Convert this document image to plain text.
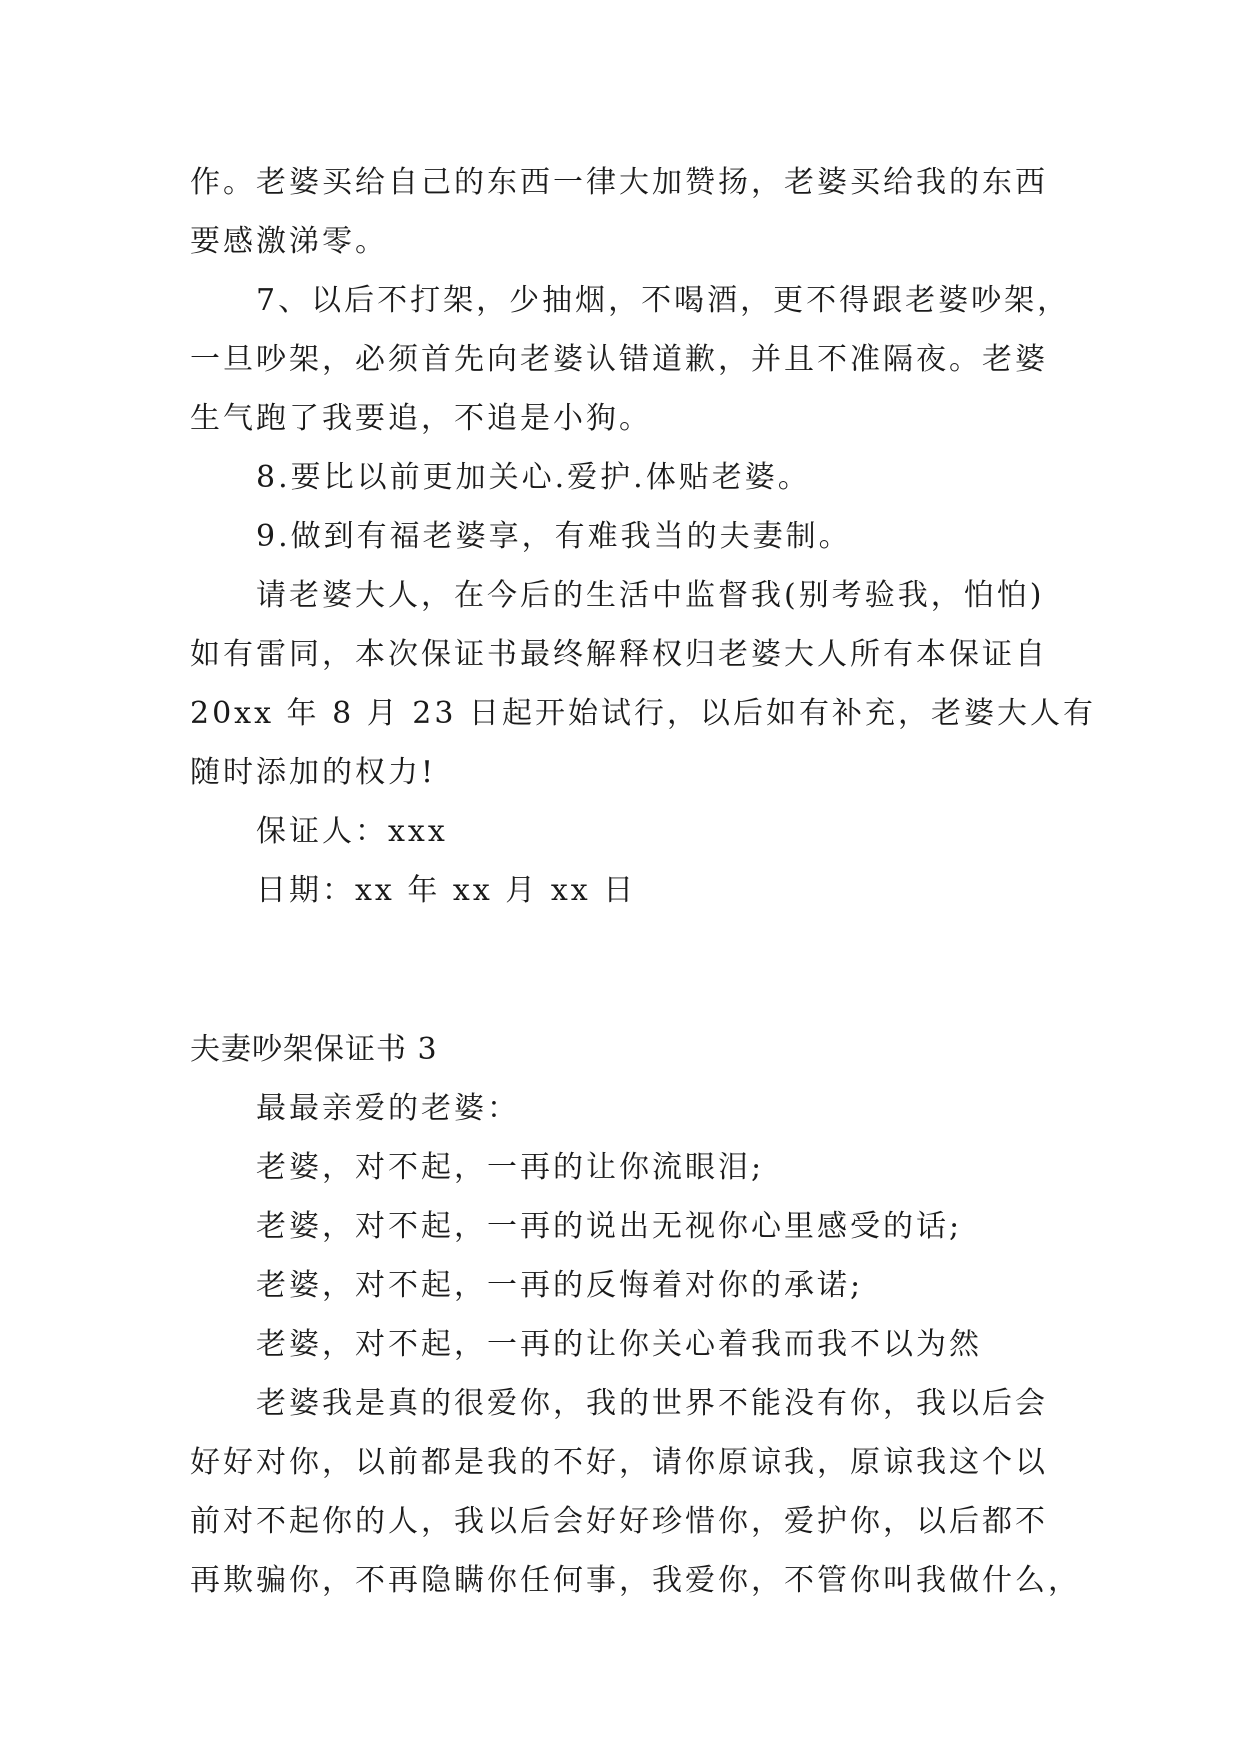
作。老婆买给自己的东西一律大加赞扬，老婆买给我的东西
要感激涕零。
7、以后不打架，少抽烟，不喝酒，更不得跟老婆吵架，
一旦吵架，必须首先向老婆认错道歉，并且不准隔夜。老婆
生气跑了我要追，不追是小狗。
8.要比以前更加关心.爱护.体贴老婆。
9.做到有福老婆享，有难我当的夫妻制。
请老婆大人，在今后的生活中监督我(别考验我，怕怕)
如有雷同，本次保证书最终解释权归老婆大人所有本保证自
20xx 年 8 月 23 日起开始试行，以后如有补充，老婆大人有
随时添加的权力!
保证人：xxx
日期：xx 年 xx 月 xx 日
夫妻吵架保证书 3
最最亲爱的老婆：
老婆，对不起，一再的让你流眼泪;
老婆，对不起，一再的说出无视你心里感受的话;
老婆，对不起，一再的反悔着对你的承诺;
老婆，对不起，一再的让你关心着我而我不以为然
老婆我是真的很爱你，我的世界不能没有你，我以后会
好好对你，以前都是我的不好，请你原谅我，原谅我这个以
前对不起你的人，我以后会好好珍惜你，爱护你，以后都不
再欺骗你，不再隐瞒你任何事，我爱你，不管你叫我做什么，
